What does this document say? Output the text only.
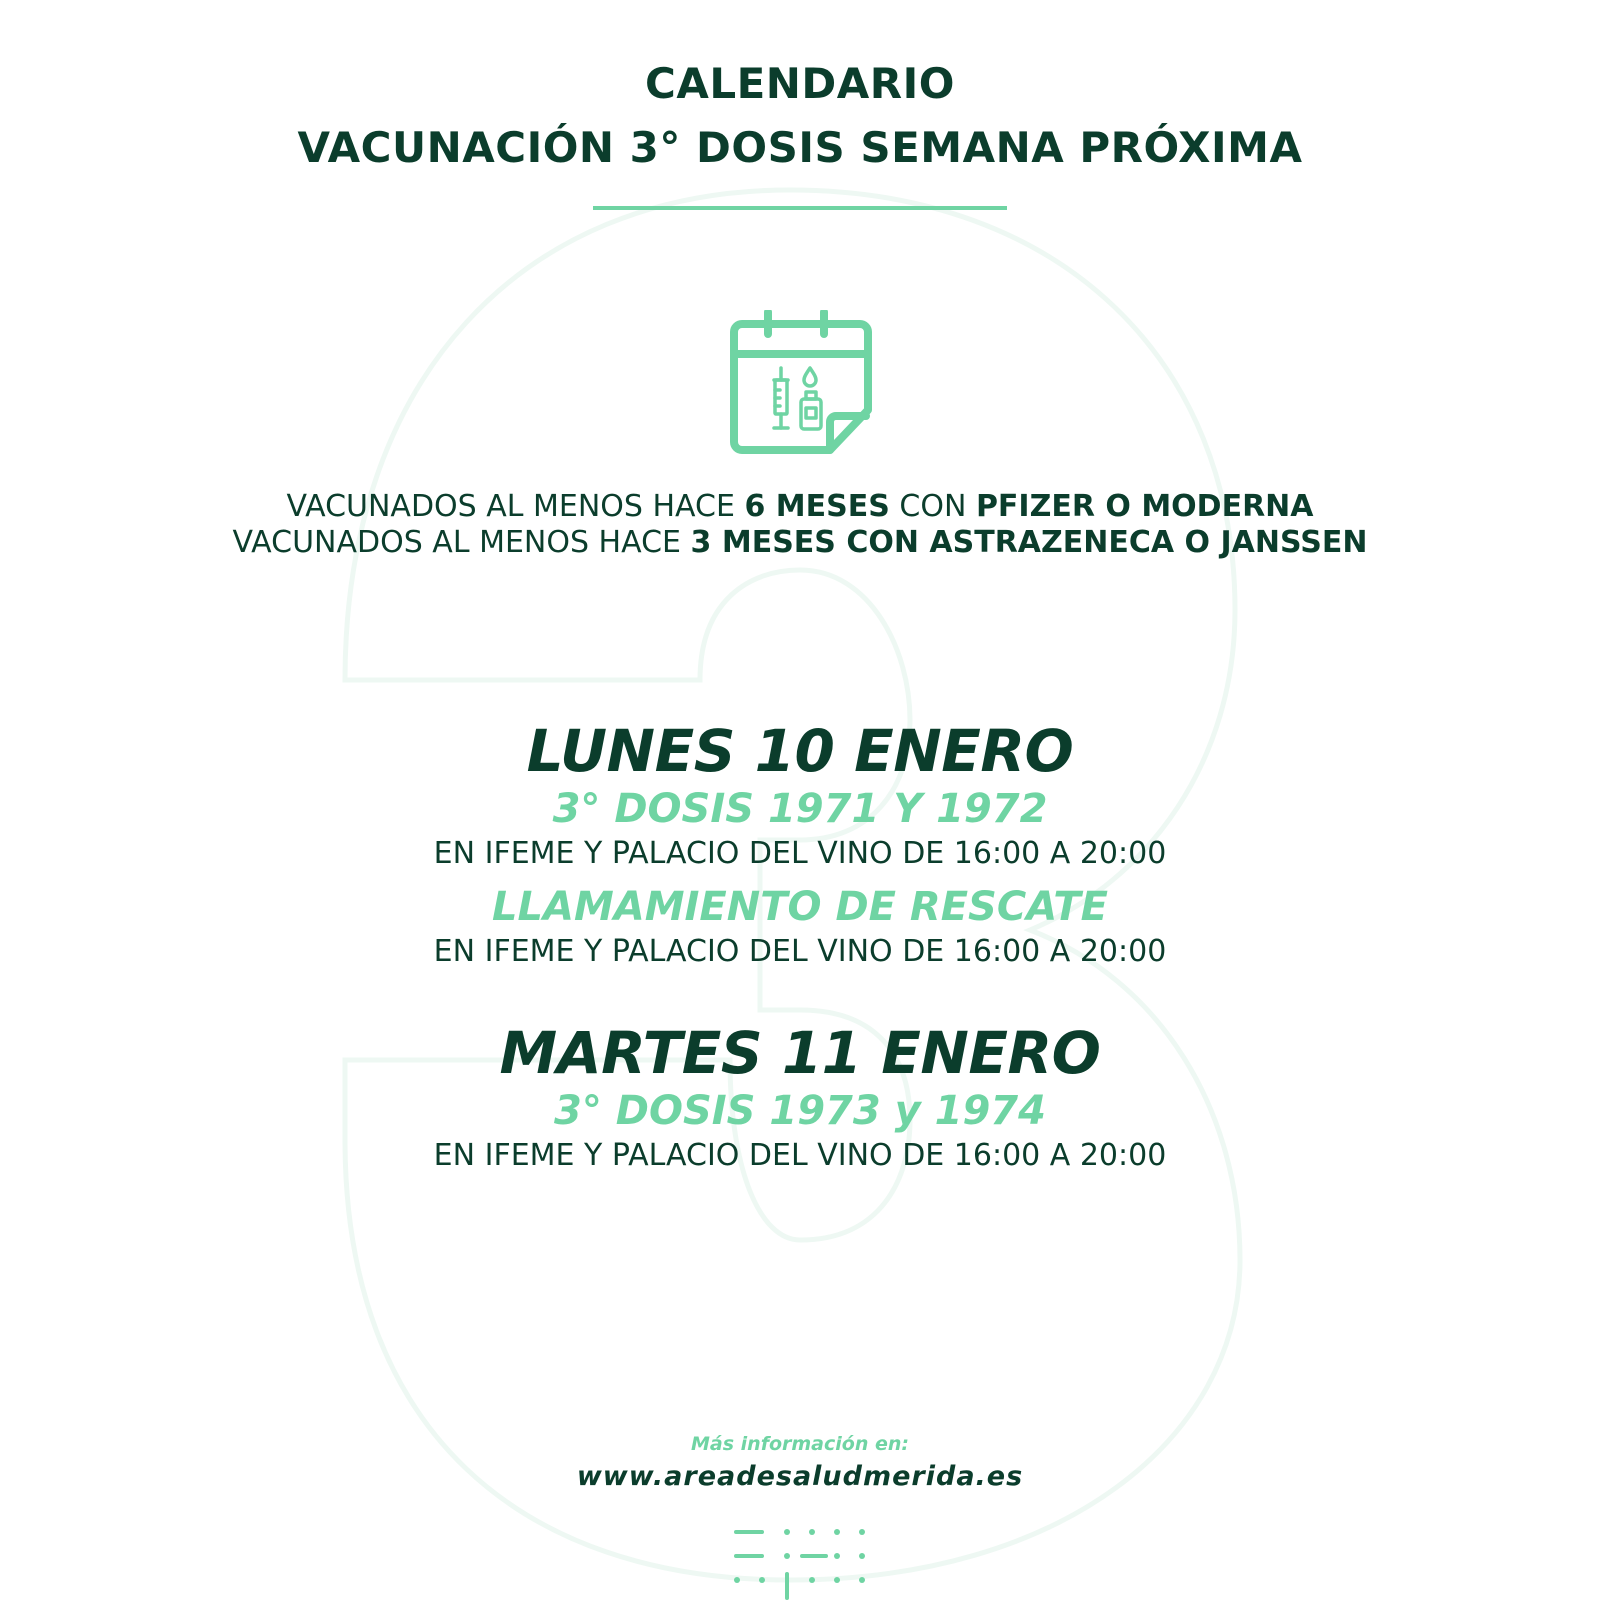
CALENDARIO
VACUNACIÓN 3° DOSIS SEMANA PRÓXIMA
VACUNADOS AL MENOS HACE 6 MESES CON PFIZER O MODERNA
VACUNADOS AL MENOS HACE 3 MESES CON ASTRAZENECA O JANSSEN
LUNES 10 ENERO
3° DOSIS 1971 Y 1972
EN IFEME Y PALACIO DEL VINO DE 16:00 A 20:00
LLAMAMIENTO DE RESCATE
EN IFEME Y PALACIO DEL VINO DE 16:00 A 20:00
MARTES 11 ENERO
3° DOSIS 1973 y 1974
EN IFEME Y PALACIO DEL VINO DE 16:00 A 20:00
Más información en:
www.areadesaludmerida.es
